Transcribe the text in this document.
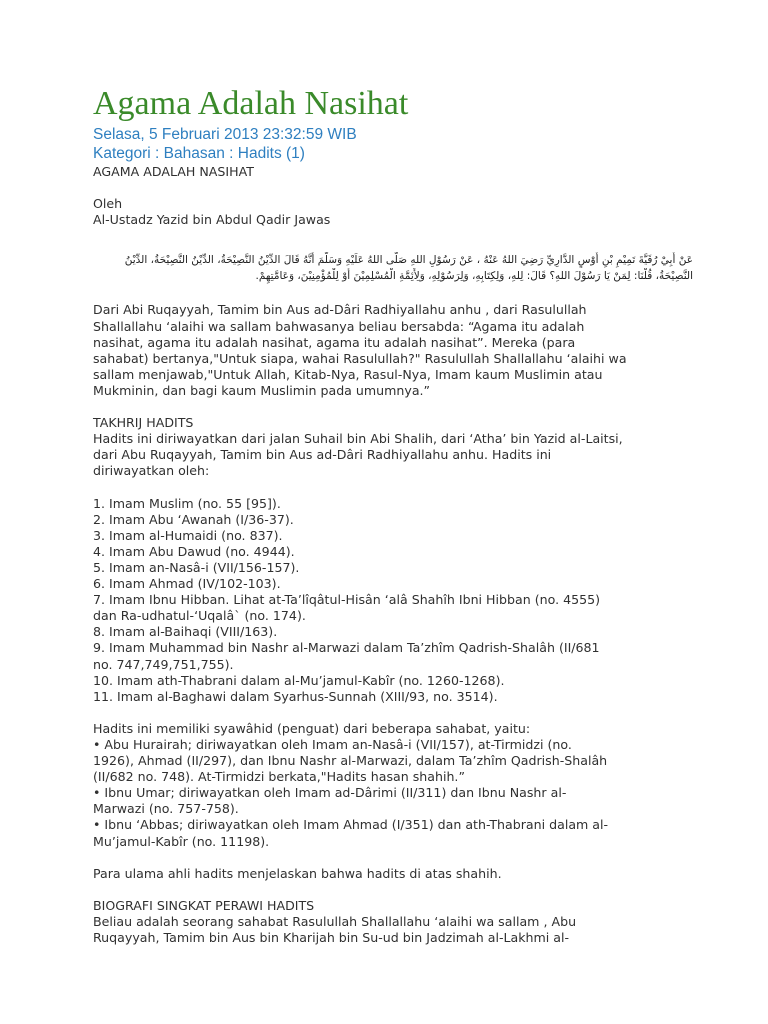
Agama Adalah Nasihat
Selasa, 5 Februari 2013 23:32:59 WIB
Kategori : Bahasan : Hadits (1)
AGAMA ADALAH NASIHAT
Oleh
Al-Ustadz Yazid bin Abdul Qadir Jawas
عَنْ أَبِيْ رُقَيَّةَ تَمِيْمِ بْنِ أَوْسٍ الدَّارِيِّ رَضِيَ اللهُ عَنْهُ ، عَنْ رَسُوْلِ اللهِ صَلَّى اللهُ عَلَيْهِ وَسَلَّمَ أَنَّهُ قَالَ الدِّيْنُ النَّصِيْحَةُ، الدِّيْنُ النَّصِيْحَةُ، الدِّيْنُ
النَّصِيْحَةُ، قُلْنَا: لِمَنْ يَا رَسُوْلَ اللهِ؟ قَالَ: لِلهِ، وَلِكِتَابِهِ، وَلِرَسُوْلِهِ، وَلِأَئِمَّةِ الْمُسْلِمِيْنَ أَوْ لِلْمُؤْمِنِيْنَ، وَعَامَّتِهِمْ.
Dari Abi Ruqayyah, Tamim bin Aus ad-Dâri Radhiyallahu anhu , dari Rasulullah
Shallallahu ‘alaihi wa sallam bahwasanya beliau bersabda: “Agama itu adalah
nasihat, agama itu adalah nasihat, agama itu adalah nasihat”. Mereka (para
sahabat) bertanya,"Untuk siapa, wahai Rasulullah?" Rasulullah Shallallahu ‘alaihi wa
sallam menjawab,"Untuk Allah, Kitab-Nya, Rasul-Nya, Imam kaum Muslimin atau
Mukminin, dan bagi kaum Muslimin pada umumnya.”
TAKHRIJ HADITS
Hadits ini diriwayatkan dari jalan Suhail bin Abi Shalih, dari ‘Atha’ bin Yazid al-Laitsi,
dari Abu Ruqayyah, Tamim bin Aus ad-Dâri Radhiyallahu anhu. Hadits ini
diriwayatkan oleh:
1. Imam Muslim (no. 55 [95]).
2. Imam Abu ‘Awanah (I/36-37).
3. Imam al-Humaidi (no. 837).
4. Imam Abu Dawud (no. 4944).
5. Imam an-Nasâ-i (VII/156-157).
6. Imam Ahmad (IV/102-103).
7. Imam Ibnu Hibban. Lihat at-Ta’lîqâtul-Hisân ‘alâ Shahîh Ibni Hibban (no. 4555)
dan Ra-udhatul-‘Uqalâ` (no. 174).
8. Imam al-Baihaqi (VIII/163).
9. Imam Muhammad bin Nashr al-Marwazi dalam Ta’zhîm Qadrish-Shalâh (II/681
no. 747,749,751,755).
10. Imam ath-Thabrani dalam al-Mu’jamul-Kabîr (no. 1260-1268).
11. Imam al-Baghawi dalam Syarhus-Sunnah (XIII/93, no. 3514).
Hadits ini memiliki syawâhid (penguat) dari beberapa sahabat, yaitu:
• Abu Hurairah; diriwayatkan oleh Imam an-Nasâ-i (VII/157), at-Tirmidzi (no.
1926), Ahmad (II/297), dan Ibnu Nashr al-Marwazi, dalam Ta’zhîm Qadrish-Shalâh
(II/682 no. 748). At-Tirmidzi berkata,"Hadits hasan shahih.”
• Ibnu Umar; diriwayatkan oleh Imam ad-Dârimi (II/311) dan Ibnu Nashr al-
Marwazi (no. 757-758).
• Ibnu ‘Abbas; diriwayatkan oleh Imam Ahmad (I/351) dan ath-Thabrani dalam al-
Mu’jamul-Kabîr (no. 11198).
Para ulama ahli hadits menjelaskan bahwa hadits di atas shahih.
BIOGRAFI SINGKAT PERAWI HADITS
Beliau adalah seorang sahabat Rasulullah Shallallahu ‘alaihi wa sallam , Abu
Ruqayyah, Tamim bin Aus bin Kharijah bin Su-ud bin Jadzimah al-Lakhmi al-
